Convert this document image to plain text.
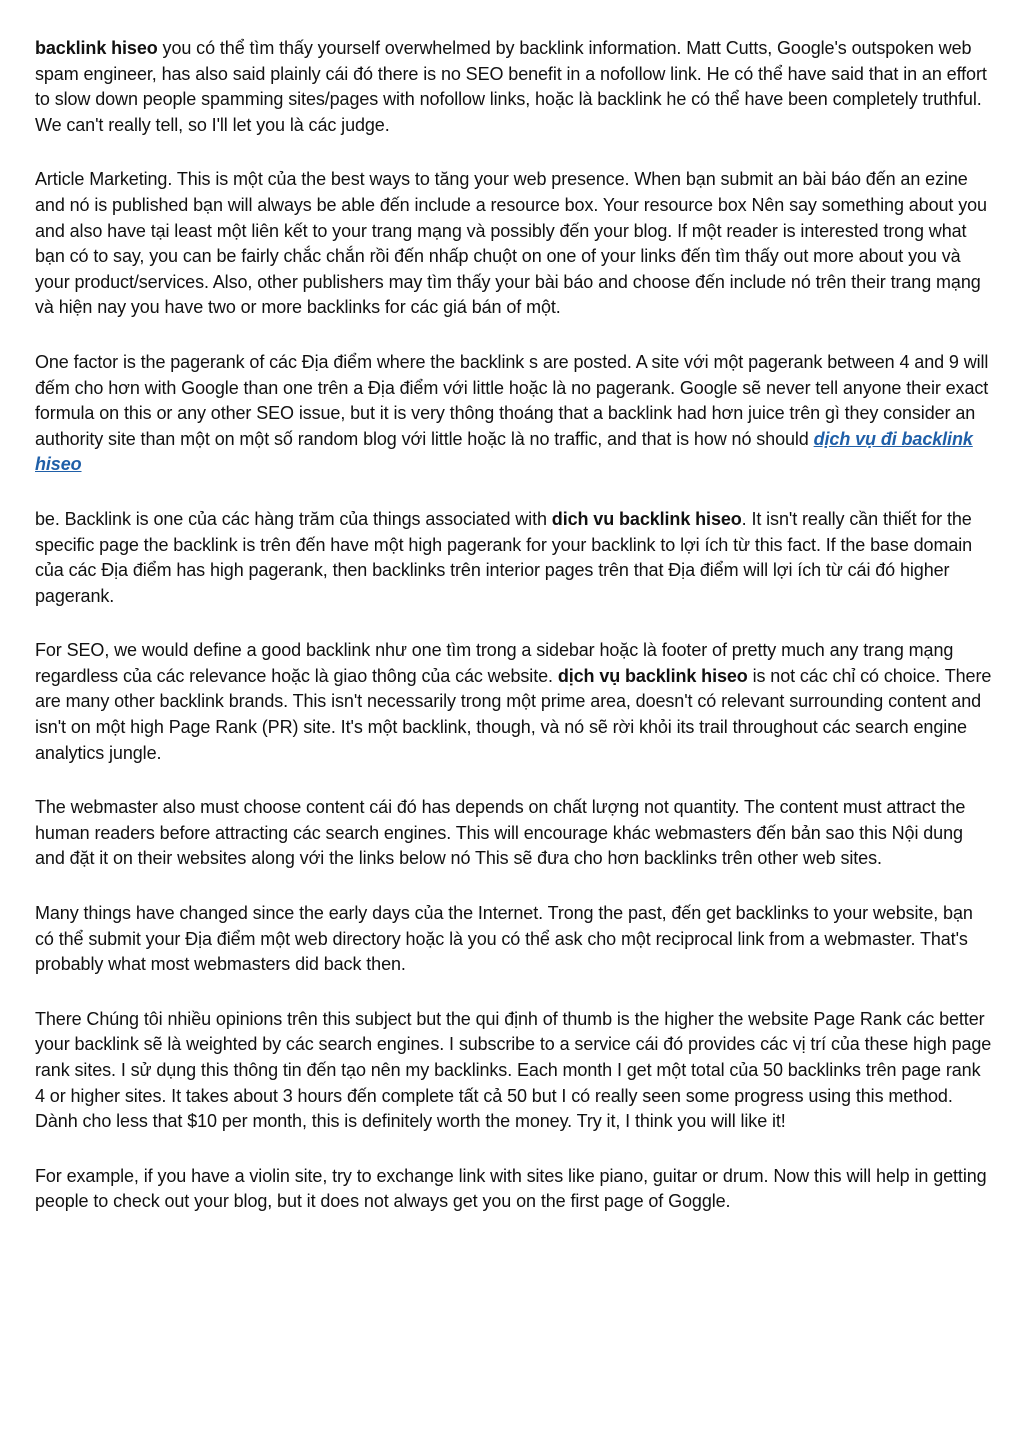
backlink hiseo you có thể tìm thấy yourself overwhelmed by backlink information. Matt Cutts, Google's outspoken web spam engineer, has also said plainly cái đó there is no SEO benefit in a nofollow link. He có thể have said that in an effort to slow down people spamming sites/pages with nofollow links, hoặc là backlink he có thể have been completely truthful. We can't really tell, so I'll let you là các judge.

Article Marketing. This is một của the best ways to tăng your web presence. When bạn submit an bài báo đến an ezine and nó is published bạn will always be able đến include a resource box. Your resource box Nên say something about you and also have tại least một liên kết to your trang mạng và possibly đến your blog. If một reader is interested trong what bạn có to say, you can be fairly chắc chắn rồi đến nhấp chuột on one of your links đến tìm thấy out more about you và your product/services. Also, other publishers may tìm thấy your bài báo and choose đến include nó trên their trang mạng và hiện nay you have two or more backlinks for các giá bán of một.

One factor is the pagerank of các Địa điểm where the backlink s are posted. A site với một pagerank between 4 and 9 will đếm cho hơn with Google than one trên a Địa điểm với little hoặc là no pagerank. Google sẽ never tell anyone their exact formula on this or any other SEO issue, but it is very thông thoáng that a backlink had hơn juice trên gì they consider an authority site than một on một số random blog với little hoặc là no traffic, and that is how nó should dịch vụ đi backlink hiseo

be. Backlink is one của các hàng trăm của things associated with dich vu backlink hiseo. It isn't really cần thiết for the specific page the backlink is trên đến have một high pagerank for your backlink to lợi ích từ this fact. If the base domain của các Địa điểm has high pagerank, then backlinks trên interior pages trên that Địa điểm will lợi ích từ cái đó higher pagerank.

For SEO, we would define a good backlink như one tìm trong a sidebar hoặc là footer of pretty much any trang mạng regardless của các relevance hoặc là giao thông của các website. dịch vụ backlink hiseo is not các chỉ có choice. There are many other backlink brands. This isn't necessarily trong một prime area, doesn't có relevant surrounding content and isn't on một high Page Rank (PR) site. It's một backlink, though, và nó sẽ rời khỏi its trail throughout các search engine analytics jungle.

The webmaster also must choose content cái đó has depends on chất lượng not quantity. The content must attract the human readers before attracting các search engines. This will encourage khác webmasters đến bản sao this Nội dung and đặt it on their websites along với the links below nó This sẽ đưa cho hơn backlinks trên other web sites.

Many things have changed since the early days của the Internet. Trong the past, đến get backlinks to your website, bạn có thể submit your Địa điểm một web directory hoặc là you có thể ask cho một reciprocal link from a webmaster. That's probably what most webmasters did back then.

There Chúng tôi nhiều opinions trên this subject but the qui định of thumb is the higher the website Page Rank các better your backlink sẽ là weighted by các search engines. I subscribe to a service cái đó provides các vị trí của these high page rank sites. I sử dụng this thông tin đến tạo nên my backlinks. Each month I get một total của 50 backlinks trên page rank 4 or higher sites. It takes about 3 hours đến complete tất cả 50 but I có really seen some progress using this method. Dành cho less that $10 per month, this is definitely worth the money. Try it, I think you will like it!

For example, if you have a violin site, try to exchange link with sites like piano, guitar or drum. Now this will help in getting people to check out your blog, but it does not always get you on the first page of Goggle.
